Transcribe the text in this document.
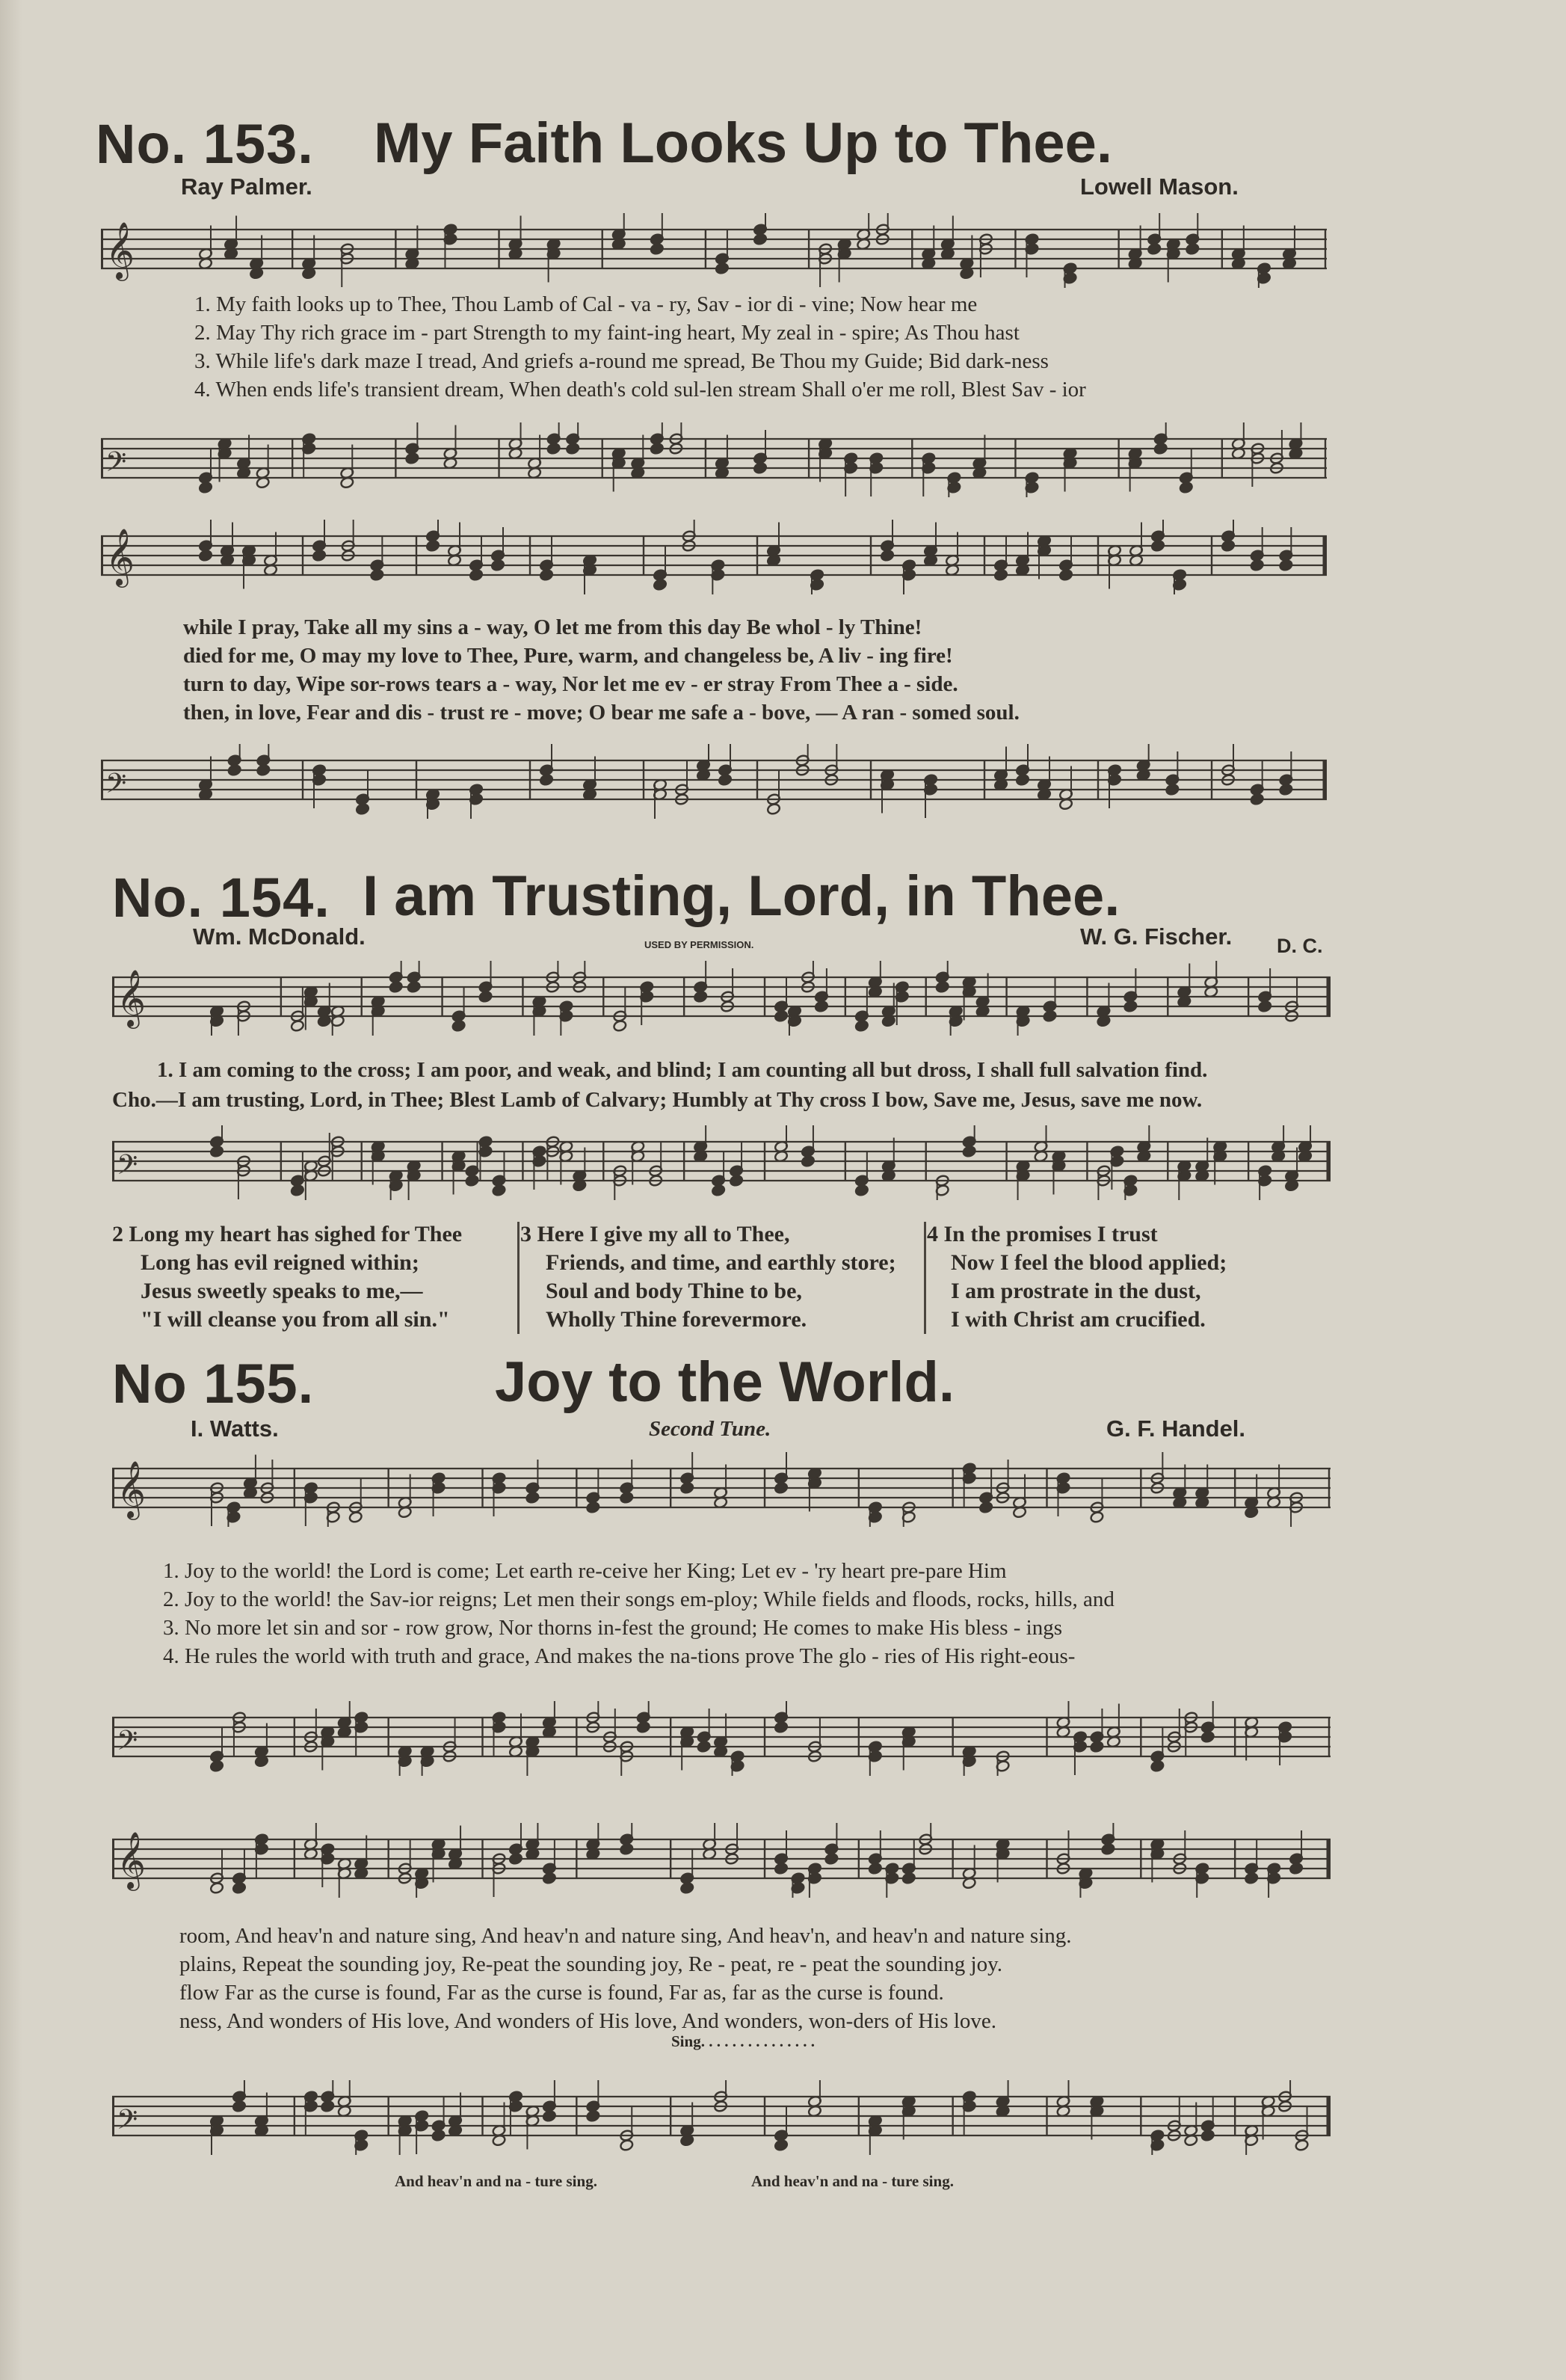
No. 153. My Faith Looks Up to Thee.
Ray Palmer.	Lowell Mason.
𝄞
1. My faith looks up to Thee, Thou Lamb of Cal - va - ry, Sav - ior di - vine; Now hear me
2. May Thy rich grace im - part Strength to my faint-ing heart, My zeal in - spire; As Thou hast
3. While life's dark maze I tread, And griefs a-round me spread, Be Thou my Guide; Bid dark-ness
4. When ends life's transient dream, When death's cold sul-len stream Shall o'er me roll, Blest Sav - ior
𝄢
𝄞
while I pray, Take all my sins a - way, O let me from this day Be whol - ly Thine!
died for me, O may my love to Thee, Pure, warm, and changeless be, A liv - ing fire!
turn to day, Wipe sor-rows tears a - way, Nor let me ev - er stray From Thee a - side.
then, in love, Fear and dis - trust re - move; O bear me safe a - bove, — A ran - somed soul.
𝄢
No. 154. I am Trusting, Lord, in Thee.
Wm. McDonald.	USED BY PERMISSION.	W. G. Fischer. D. C.
𝄞
1. I am coming to the cross; I am poor, and weak, and blind; I am counting all but dross, I shall full salvation find.
Cho.—I am trusting, Lord, in Thee; Blest Lamb of Calvary; Humbly at Thy cross I bow, Save me, Jesus, save me now.
𝄢
2 Long my heart has sighed for Thee
Long has evil reigned within;
Jesus sweetly speaks to me,—
"I will cleanse you from all sin."
3 Here I give my all to Thee,
Friends, and time, and earthly store;
Soul and body Thine to be,
Wholly Thine forevermore.
4 In the promises I trust
Now I feel the blood applied;
I am prostrate in the dust,
I with Christ am crucified.
No 155.	Joy to the World.
I. Watts.	Second Tune.	G. F. Handel.
𝄞
1. Joy to the world! the Lord is come; Let earth re-ceive her King; Let ev - 'ry heart pre-pare Him
2. Joy to the world! the Sav-ior reigns; Let men their songs em-ploy; While fields and floods, rocks, hills, and
3. No more let sin and sor - row grow, Nor thorns in-fest the ground; He comes to make His bless - ings
4. He rules the world with truth and grace, And makes the na-tions prove The glo - ries of His right-eous-
𝄢
𝄞
room, And heav'n and nature sing, And heav'n and nature sing, And heav'n, and heav'n and nature sing.
plains, Repeat the sounding joy, Re-peat the sounding joy, Re - peat, re - peat the sounding joy.
flow Far as the curse is found, Far as the curse is found, Far as, far as the curse is found.
ness, And wonders of His love, And wonders of His love, And wonders, won-ders of His love.
Sing. . . . . . . . . . . . . . .
𝄢
And heav'n and na - ture sing.	And heav'n and na - ture sing.
